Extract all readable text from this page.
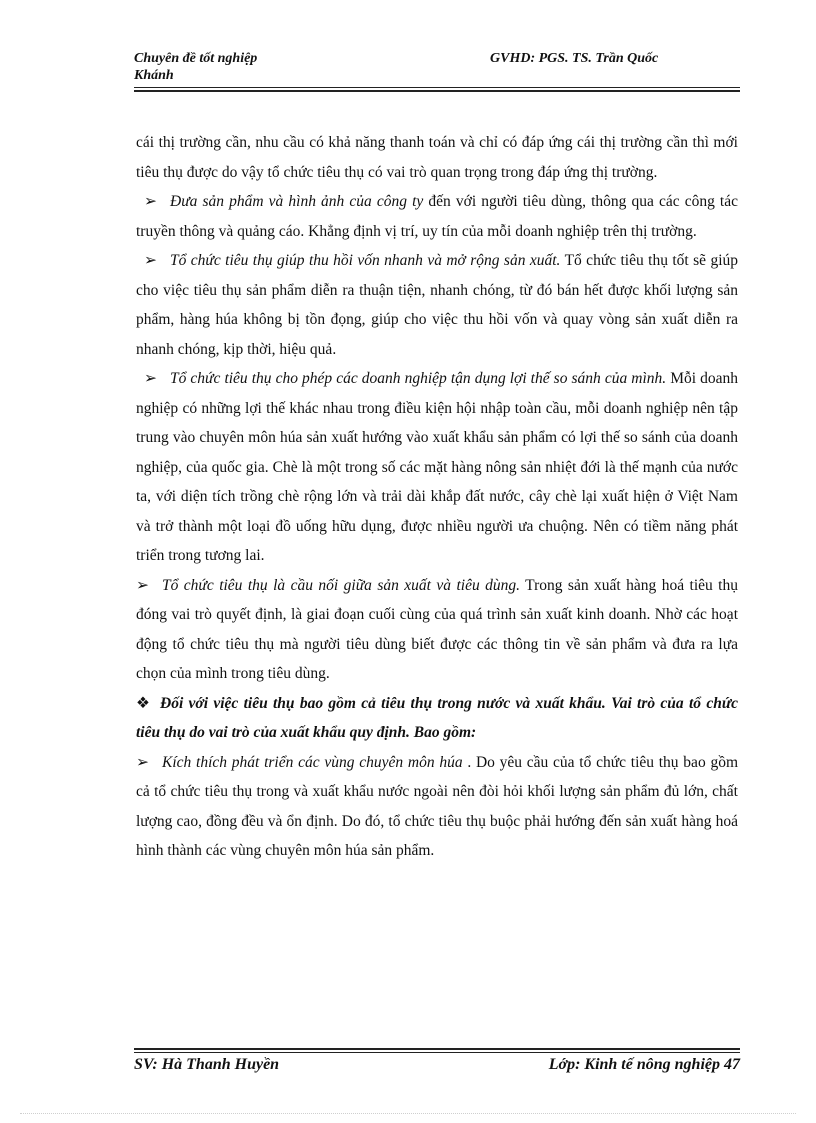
Chuyên đề tốt nghiệp	GVHD: PGS. TS. Trần Quốc
Khánh

cái thị trường cần, nhu cầu có khả năng thanh toán và chỉ có đáp ứng cái thị trường cần thì mới tiêu thụ được do vậy tổ chức tiêu thụ có vai trò quan trọng trong đáp ứng thị trường.

➢ Đưa sản phẩm và hình ảnh của công ty đến với người tiêu dùng, thông qua các công tác truyền thông và quảng cáo. Khẳng định vị trí, uy tín của mỗi doanh nghiệp trên thị trường.

➢ Tổ chức tiêu thụ giúp thu hồi vốn nhanh và mở rộng sản xuất. Tổ chức tiêu thụ tốt sẽ giúp cho việc tiêu thụ sản phẩm diễn ra thuận tiện, nhanh chóng, từ đó bán hết được khối lượng sản phẩm, hàng húa không bị tồn đọng, giúp cho việc thu hồi vốn và quay vòng sản xuất diễn ra nhanh chóng, kịp thời, hiệu quả.

➢ Tổ chức tiêu thụ cho phép các doanh nghiệp tận dụng lợi thế so sánh của mình. Mỗi doanh nghiệp có những lợi thế khác nhau trong điều kiện hội nhập toàn cầu, mỗi doanh nghiệp nên tập trung vào chuyên môn húa sản xuất hướng vào xuất khẩu sản phẩm có lợi thế so sánh của doanh nghiệp, của quốc gia. Chè là một trong số các mặt hàng nông sản nhiệt đới là thế mạnh của nước ta, với diện tích trồng chè rộng lớn và trải dài khắp đất nước, cây chè lại xuất hiện ở Việt Nam và trở thành một loại đồ uống hữu dụng, được nhiều người ưa chuộng. Nên có tiềm năng phát triển trong tương lai.

➢ Tổ chức tiêu thụ là cầu nối giữa sản xuất và tiêu dùng. Trong sản xuất hàng hoá tiêu thụ đóng vai trò quyết định, là giai đoạn cuối cùng của quá trình sản xuất kinh doanh. Nhờ các hoạt động tổ chức tiêu thụ mà người tiêu dùng biết được các thông tin về sản phẩm và đưa ra lựa chọn của mình trong tiêu dùng.

❖ Đối với việc tiêu thụ bao gồm cả tiêu thụ trong nước và xuất khẩu. Vai trò của tổ chức tiêu thụ do vai trò của xuất khẩu quy định. Bao gồm:

➢ Kích thích phát triển các vùng chuyên môn húa . Do yêu cầu của tổ chức tiêu thụ bao gồm cả tổ chức tiêu thụ trong và xuất khẩu nước ngoài nên đòi hỏi khối lượng sản phẩm đủ lớn, chất lượng cao, đồng đều và ổn định. Do đó, tổ chức tiêu thụ buộc phải hướng đến sản xuất hàng hoá hình thành các vùng chuyên môn húa sản phẩm.

SV: Hà Thanh Huyền	Lớp: Kinh tế nông nghiệp 47
